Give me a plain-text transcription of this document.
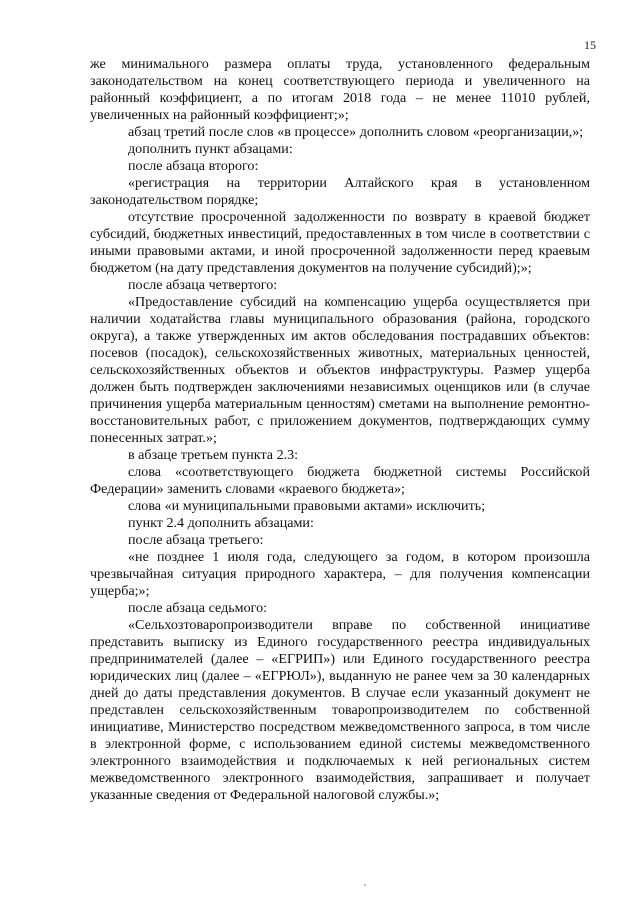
15

же минимального размера оплаты труда, установленного федеральным законодательством на конец соответствующего периода и увеличенного на районный коэффициент, а по итогам 2018 года – не менее 11010 рублей, увеличенных на районный коэффициент;»;

абзац третий после слов «в процессе» дополнить словом «реорганизации,»;

дополнить пункт абзацами:

после абзаца второго:

«регистрация на территории Алтайского края в установленном законодательством порядке;

отсутствие просроченной задолженности по возврату в краевой бюджет субсидий, бюджетных инвестиций, предоставленных в том числе в соответствии с иными правовыми актами, и иной просроченной задолженности перед краевым бюджетом (на дату представления документов на получение субсидий);»;

после абзаца четвертого:

«Предоставление субсидий на компенсацию ущерба осуществляется при наличии ходатайства главы муниципального образования (района, городского округа), а также утвержденных им актов обследования пострадавших объектов: посевов (посадок), сельскохозяйственных животных, материальных ценностей, сельскохозяйственных объектов и объектов инфраструктуры. Размер ущерба должен быть подтвержден заключениями независимых оценщиков или (в случае причинения ущерба материальным ценностям) сметами на выполнение ремонтно-восстановительных работ, с приложением документов, подтверждающих сумму понесенных затрат.»;

в абзаце третьем пункта 2.3:

слова «соответствующего бюджета бюджетной системы Российской Федерации» заменить словами «краевого бюджета»;

слова «и муниципальными правовыми актами» исключить;

пункт 2.4 дополнить абзацами:

после абзаца третьего:

«не позднее 1 июля года, следующего за годом, в котором произошла чрезвычайная ситуация природного характера, – для получения компенсации ущерба;»;

после абзаца седьмого:

«Сельхозтоваропроизводители вправе по собственной инициативе представить выписку из Единого государственного реестра индивидуальных предпринимателей (далее – «ЕГРИП») или Единого государственного реестра юридических лиц (далее – «ЕГРЮЛ»), выданную не ранее чем за 30 календарных дней до даты представления документов. В случае если указанный документ не представлен сельскохозяйственным товаропроизводителем по собственной инициативе, Министерство посредством межведомственного запроса, в том числе в электронной форме, с использованием единой системы межведомственного электронного взаимодействия и подключаемых к ней региональных систем межведомственного электронного взаимодействия, запрашивает и получает указанные сведения от Федеральной налоговой службы.»;
